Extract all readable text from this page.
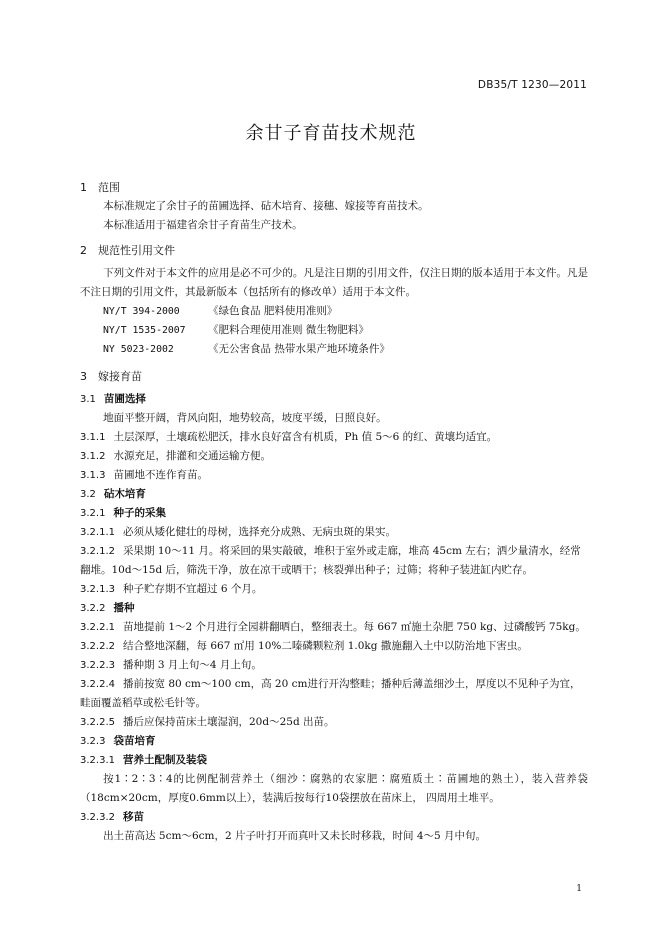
DB35/T 1230—2011
余甘子育苗技术规范
1 范围
本标准规定了余甘子的苗圃选择、砧木培育、接穗、嫁接等育苗技术。
本标准适用于福建省余甘子育苗生产技术。
2 规范性引用文件
下列文件对于本文件的应用是必不可少的。凡是注日期的引用文件，仅注日期的版本适用于本文件。凡是不注日期的引用文件，其最新版本（包括所有的修改单）适用于本文件。
NY/T 394-2000	《绿色食品 肥料使用准则》
NY/T 1535-2007 《肥料合理使用准则 微生物肥料》
NY 5023-2002	《无公害食品 热带水果产地环境条件》
3 嫁接育苗
3.1 苗圃选择
地面平整开阔，背风向阳，地势较高，坡度平缓，日照良好。
3.1.1 土层深厚，土壤疏松肥沃，排水良好富含有机质，Ph 值 5～6 的红、黄壤均适宜。
3.1.2 水源充足，排灌和交通运输方便。
3.1.3 苗圃地不连作育苗。
3.2 砧木培育
3.2.1 种子的采集
3.2.1.1 必须从矮化健壮的母树，选择充分成熟、无病虫斑的果实。
3.2.1.2 采果期 10～11 月。将采回的果实敲破，堆积于室外或走廊，堆高 45cm 左右；洒少量清水，经常翻堆。10d～15d 后，筛洗干净，放在凉干或晒干；核裂弹出种子；过筛；将种子装进缸内贮存。
3.2.1.3 种子贮存期不宜超过 6 个月。
3.2.2 播种
3.2.2.1 苗地提前 1～2 个月进行全园耕翻晒白，整细表土。每 667 ㎡施土杂肥 750 kg、过磷酸钙 75kg。
3.2.2.2 结合整地深翻，每 667 ㎡用 10%二嗪磷颗粒剂 1.0kg 撒施翻入土中以防治地下害虫。
3.2.2.3 播种期 3 月上旬～4 月上旬。
3.2.2.4 播前按宽 80 cm～100 cm，高 20 cm进行开沟整畦；播种后薄盖细沙土，厚度以不见种子为宜，畦面覆盖稻草或松毛针等。
3.2.2.5 播后应保持苗床土壤湿润，20d～25d 出苗。
3.2.3 袋苗培育
3.2.3.1 营养土配制及装袋
按1∶2∶3∶4的比例配制营养土（细沙∶腐熟的农家肥∶腐殖质土∶苗圃地的熟土），装入营养袋（18cm×20cm，厚度0.6mm以上），装满后按每行10袋摆放在苗床上， 四周用土堆平。
3.2.3.2 移苗
出土苗高达 5cm～6cm，2 片子叶打开而真叶又未长时移栽，时间 4～5 月中旬。
1
